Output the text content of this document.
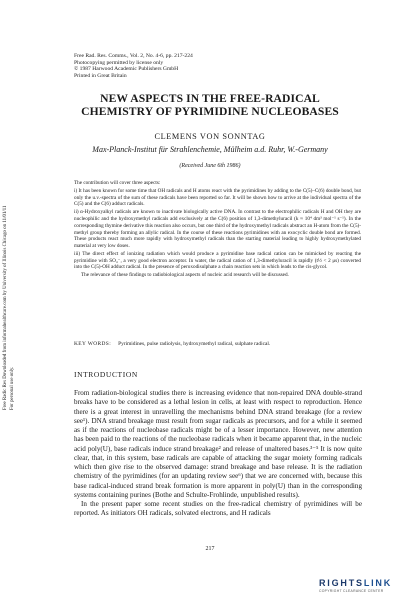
Free Radic Res Downloaded from informahealthcare.com by University of Illinois Chicago on 11/01/11 For personal use only.
Free Rad. Res. Comms., Vol. 2, No. 4-6, pp. 217-224
Photocopying permitted by license only
© 1987 Harwood Academic Publishers GmbH
Printed in Great Britain
NEW ASPECTS IN THE FREE-RADICAL
CHEMISTRY OF PYRIMIDINE NUCLEOBASES
CLEMENS VON SONNTAG
Max-Planck-Institut für Strahlenchemie, Mülheim a.d. Ruhr, W.-Germany
(Received June 6th 1986)

The contribution will cover three aspects:

i) It has been known for some time that OH radicals and H atoms react with the pyrimidines by adding to the C(5)–C(6) double bond, but only the u.v.-spectra of the sum of these radicals have been reported so far. It will be shown how to arrive at the individual spectra of the C(5) and the C(6) adduct radicals.

ii) α-Hydroxyalkyl radicals are known to inactivate biologically active DNA. In contrast to the electrophilic radicals H and OH they are nucleophilic and the hydroxymethyl radicals add exclusively at the C(6) position of 1,3-dimethyluracil (k ≈ 10⁴ dm³ mol⁻¹ s⁻¹). In the corresponding thymine derivative this reaction also occurs, but one third of the hydroxymethyl radicals abstract an H-atom from the C(5)-methyl group thereby forming an allylic radical. In the course of these reactions pyrimidines with an exocyclic double bond are formed. These products react much more rapidly with hydroxymethyl radicals than the starting material leading to highly hydroxymethylated material at very low doses.

iii) The direct effect of ionizing radiation which would produce a pyrimidine base radical cation can be mimicked by reacting the pyrimidine with SO₄⁻, a very good electron acceptor. In water, the radical cation of 1,3-dimethyluracil is rapidly (t½ < 2 μs) converted into the C(5)-OH adduct radical. In the presence of peroxodisulphate a chain reaction sets in which leads to the cis-glycol.

The relevance of these findings to radiobiological aspects of nucleic acid research will be discussed.

KEY WORDS: Pyrimidines, pulse radiolysis, hydroxymethyl radical, sulphate radical.
INTRODUCTION

From radiation-biological studies there is increasing evidence that non-repaired DNA double-strand breaks have to be considered as a lethal lesion in cells, at least with respect to reproduction. Hence there is a great interest in unravelling the mechanisms behind DNA strand breakage (for a review see¹). DNA strand breakage must result from sugar radicals as precursors, and for a while it seemed as if the reactions of nucleobase radicals might be of a lesser importance. However, new attention has been paid to the reactions of the nucleobase radicals when it became apparent that, in the nucleic acid poly(U), base radicals induce strand breakage² and release of unaltered bases.³⁻⁵ It is now quite clear, that, in this system, base radicals are capable of attacking the sugar moiety forming radicals which then give rise to the observed damage: strand breakage and base release. It is the radiation chemistry of the pyrimidines (for an updating review see⁶) that we are concerned with, because this base radical-induced strand break formation is more apparent in poly(U) than in the corresponding systems containing purines (Bothe and Schulte-Frohlinde, unpublished results).

In the present paper some recent studies on the free-radical chemistry of pyrimidines will be reported. As initiators OH radicals, solvated electrons, and H radicals

217
RIGHTSLINK
COPYRIGHT CLEARANCE CENTER
